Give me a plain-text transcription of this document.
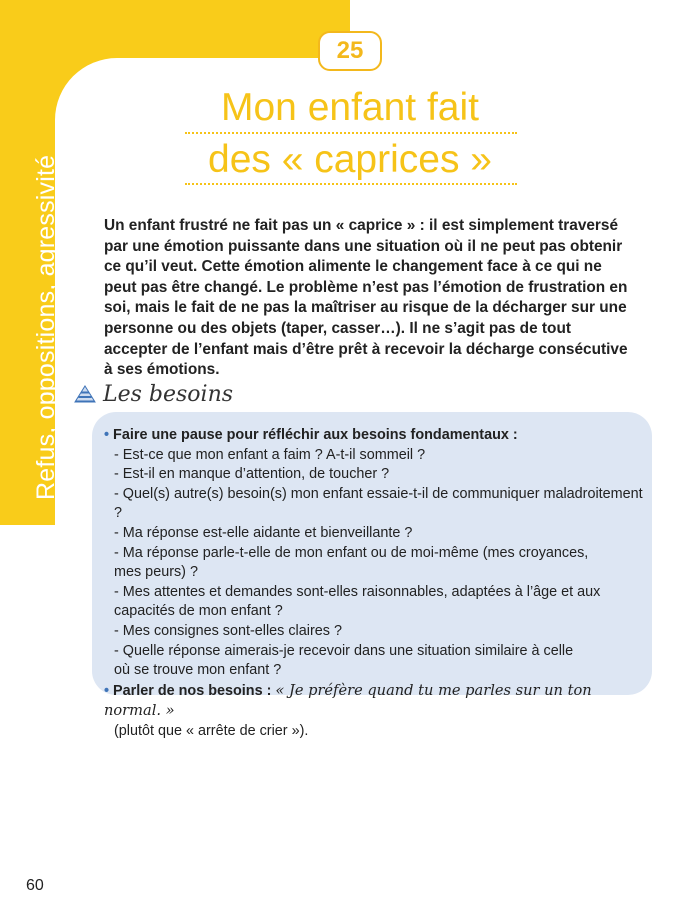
Refus, oppositions, agressivité
25
Mon enfant fait
des « caprices »
Un enfant frustré ne fait pas un « caprice » : il est simplement traversé par une émotion puissante dans une situation où il ne peut pas obtenir ce qu’il veut. Cette émotion alimente le changement face à ce qui ne peut pas être changé. Le problème n’est pas l’émotion de frustration en soi, mais le fait de ne pas la maîtriser au risque de la décharger sur une personne ou des objets (taper, casser…). Il ne s’agit pas de tout accepter de l’enfant mais d’être prêt à recevoir la décharge consécutive à ses émotions.
Les besoins
• Faire une pause pour réfléchir aux besoins fondamentaux :
- Est-ce que mon enfant a faim ? A-t-il sommeil ?
- Est-il en manque d’attention, de toucher ?
- Quel(s) autre(s) besoin(s) mon enfant essaie-t-il de communiquer maladroitement ?
- Ma réponse est-elle aidante et bienveillante ?
- Ma réponse parle-t-elle de mon enfant ou de moi-même (mes croyances,
mes peurs) ?
- Mes attentes et demandes sont-elles raisonnables, adaptées à l’âge et aux
capacités de mon enfant ?
- Mes consignes sont-elles claires ?
- Quelle réponse aimerais-je recevoir dans une situation similaire à celle
où se trouve mon enfant ?
• Parler de nos besoins : « Je préfère quand tu me parles sur un ton normal. »
(plutôt que « arrête de crier »).
60
